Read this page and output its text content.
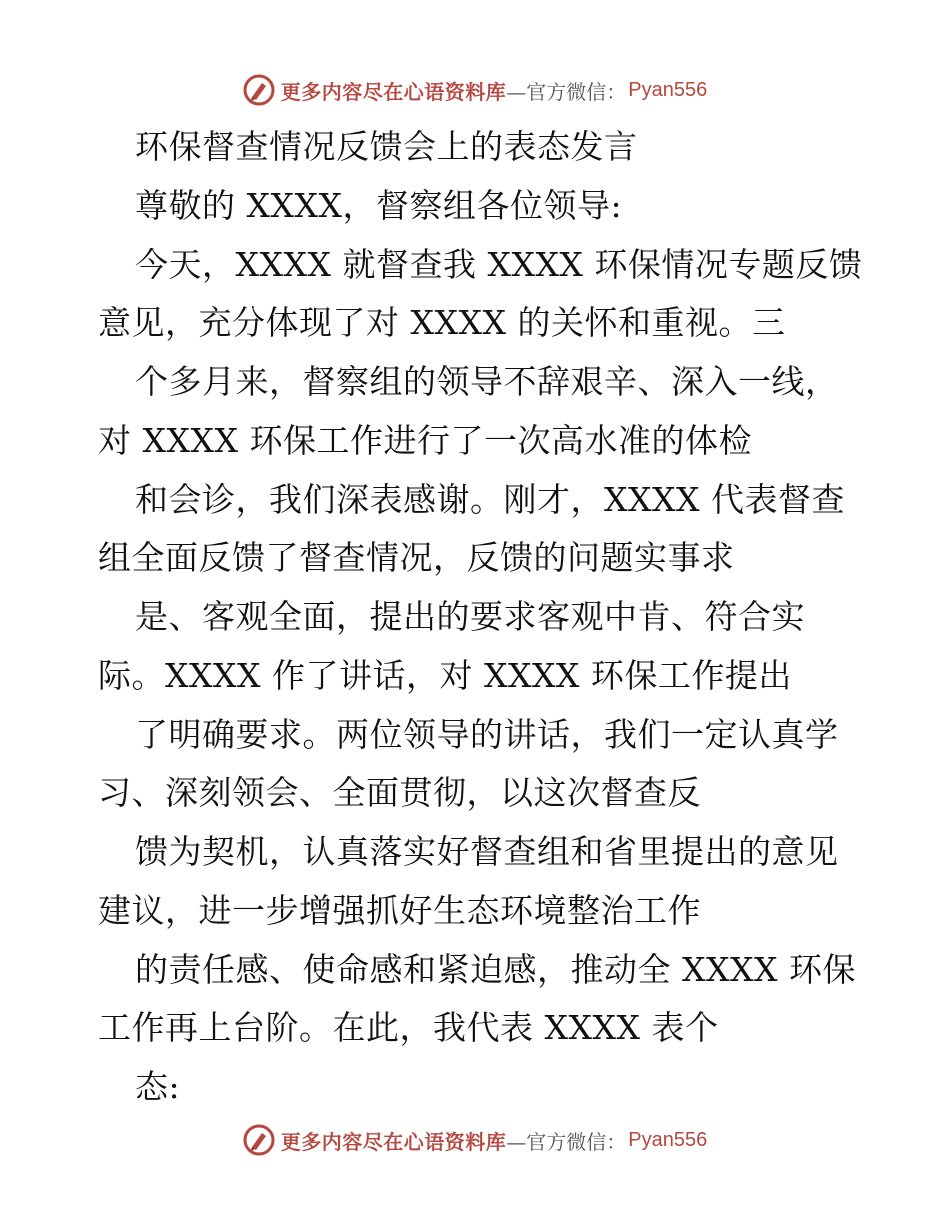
更多内容尽在心语资料库 —官方微信： Pyan556
环保督查情况反馈会上的表态发言
尊敬的 XXXX，督察组各位领导:
今天，XXXX 就督查我 XXXX 环保情况专题反馈
意见，充分体现了对 XXXX 的关怀和重视。三
个多月来，督察组的领导不辞艰辛、深入一线，
对 XXXX 环保工作进行了一次高水准的体检
和会诊，我们深表感谢。刚才，XXXX 代表督查
组全面反馈了督查情况，反馈的问题实事求
是、客观全面，提出的要求客观中肯、符合实
际。XXXX 作了讲话，对 XXXX 环保工作提出
了明确要求。两位领导的讲话，我们一定认真学
习、深刻领会、全面贯彻，以这次督查反
馈为契机，认真落实好督查组和省里提出的意见
建议，进一步增强抓好生态环境整治工作
的责任感、使命感和紧迫感，推动全 XXXX 环保
工作再上台阶。在此，我代表 XXXX 表个
态:
更多内容尽在心语资料库 —官方微信： Pyan556
